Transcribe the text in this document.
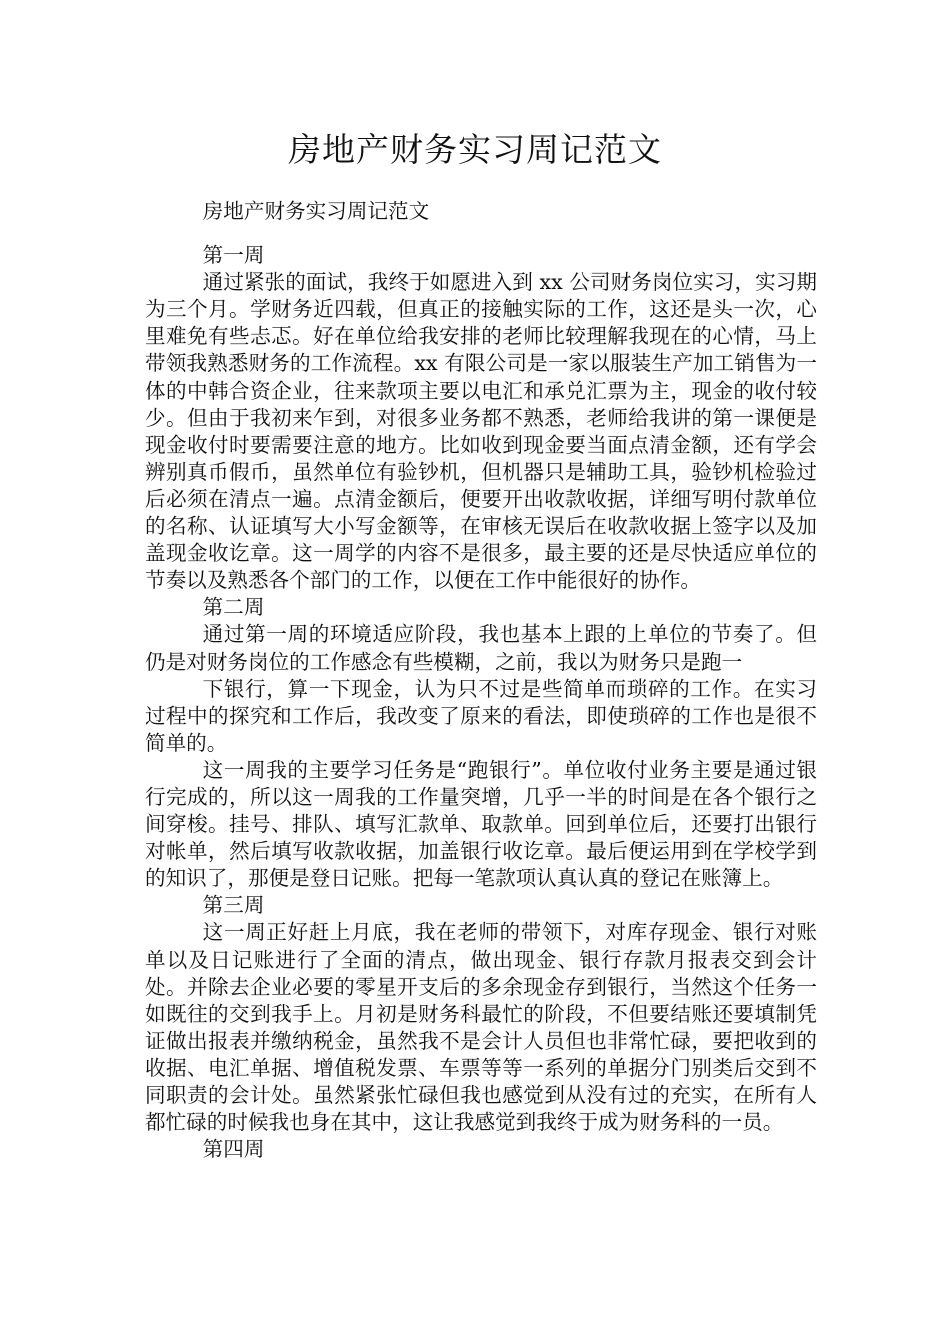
房地产财务实习周记范文

房地产财务实习周记范文

第一周

通过紧张的面试，我终于如愿进入到 xx 公司财务岗位实习，实习期为三个月。学财务近四载，但真正的接触实际的工作，这还是头一次，心里难免有些忐忑。好在单位给我安排的老师比较理解我现在的心情，马上带领我熟悉财务的工作流程。xx 有限公司是一家以服装生产加工销售为一体的中韩合资企业，往来款项主要以电汇和承兑汇票为主，现金的收付较少。但由于我初来乍到，对很多业务都不熟悉，老师给我讲的第一课便是现金收付时要需要注意的地方。比如收到现金要当面点清金额，还有学会辨别真币假币，虽然单位有验钞机，但机器只是辅助工具，验钞机检验过后必须在清点一遍。点清金额后，便要开出收款收据，详细写明付款单位的名称、认证填写大小写金额等，在审核无误后在收款收据上签字以及加盖现金收讫章。这一周学的内容不是很多，最主要的还是尽快适应单位的节奏以及熟悉各个部门的工作，以便在工作中能很好的协作。

第二周

通过第一周的环境适应阶段，我也基本上跟的上单位的节奏了。但仍是对财务岗位的工作感念有些模糊，之前，我以为财务只是跑一

下银行，算一下现金，认为只不过是些简单而琐碎的工作。在实习过程中的探究和工作后，我改变了原来的看法，即使琐碎的工作也是很不简单的。

这一周我的主要学习任务是“跑银行”。单位收付业务主要是通过银行完成的，所以这一周我的工作量突增，几乎一半的时间是在各个银行之间穿梭。挂号、排队、填写汇款单、取款单。回到单位后，还要打出银行对帐单，然后填写收款收据，加盖银行收讫章。最后便运用到在学校学到的知识了，那便是登日记账。把每一笔款项认真认真的登记在账簿上。

第三周

这一周正好赶上月底，我在老师的带领下，对库存现金、银行对账单以及日记账进行了全面的清点，做出现金、银行存款月报表交到会计处。并除去企业必要的零星开支后的多余现金存到银行，当然这个任务一如既往的交到我手上。月初是财务科最忙的阶段，不但要结账还要填制凭证做出报表并缴纳税金，虽然我不是会计人员但也非常忙碌，要把收到的收据、电汇单据、增值税发票、车票等等一系列的单据分门别类后交到不同职责的会计处。虽然紧张忙碌但我也感觉到从没有过的充实，在所有人都忙碌的时候我也身在其中，这让我感觉到我终于成为财务科的一员。

第四周
